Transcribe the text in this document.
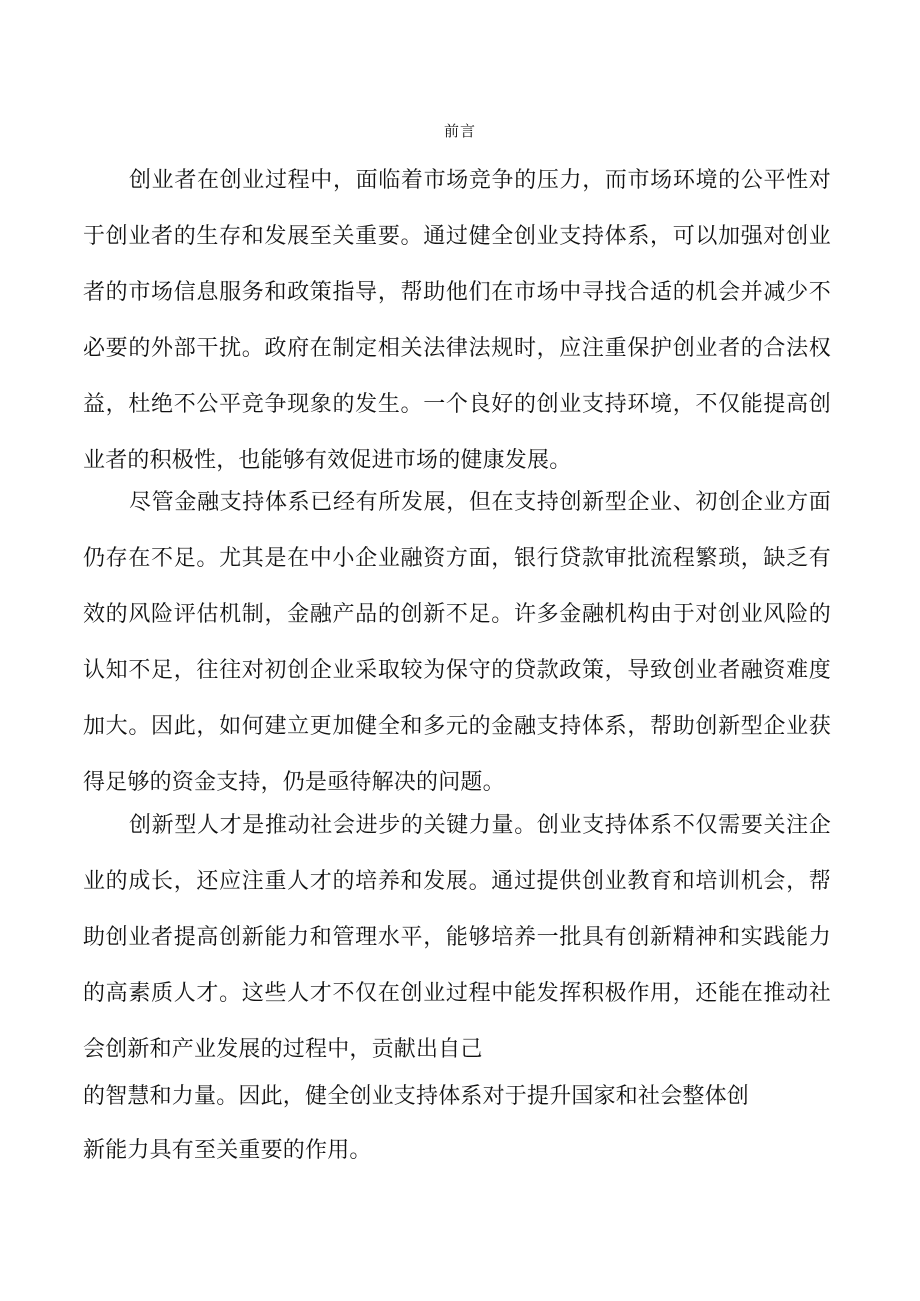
前言

创业者在创业过程中，面临着市场竞争的压力，而市场环境的公平性对于创业者的生存和发展至关重要。通过健全创业支持体系，可以加强对创业者的市场信息服务和政策指导，帮助他们在市场中寻找合适的机会并减少不必要的外部干扰。政府在制定相关法律法规时，应注重保护创业者的合法权益，杜绝不公平竞争现象的发生。一个良好的创业支持环境，不仅能提高创业者的积极性，也能够有效促进市场的健康发展。

尽管金融支持体系已经有所发展，但在支持创新型企业、初创企业方面仍存在不足。尤其是在中小企业融资方面，银行贷款审批流程繁琐，缺乏有效的风险评估机制，金融产品的创新不足。许多金融机构由于对创业风险的认知不足，往往对初创企业采取较为保守的贷款政策，导致创业者融资难度加大。因此，如何建立更加健全和多元的金融支持体系，帮助创新型企业获得足够的资金支持，仍是亟待解决的问题。

创新型人才是推动社会进步的关键力量。创业支持体系不仅需要关注企业的成长，还应注重人才的培养和发展。通过提供创业教育和培训机会，帮助创业者提高创新能力和管理水平，能够培养一批具有创新精神和实践能力的高素质人才。这些人才不仅在创业过程中能发挥积极作用，还能在推动社会创新和产业发展的过程中，贡献出自己

的智慧和力量。因此，健全创业支持体系对于提升国家和社会整体创

新能力具有至关重要的作用。
